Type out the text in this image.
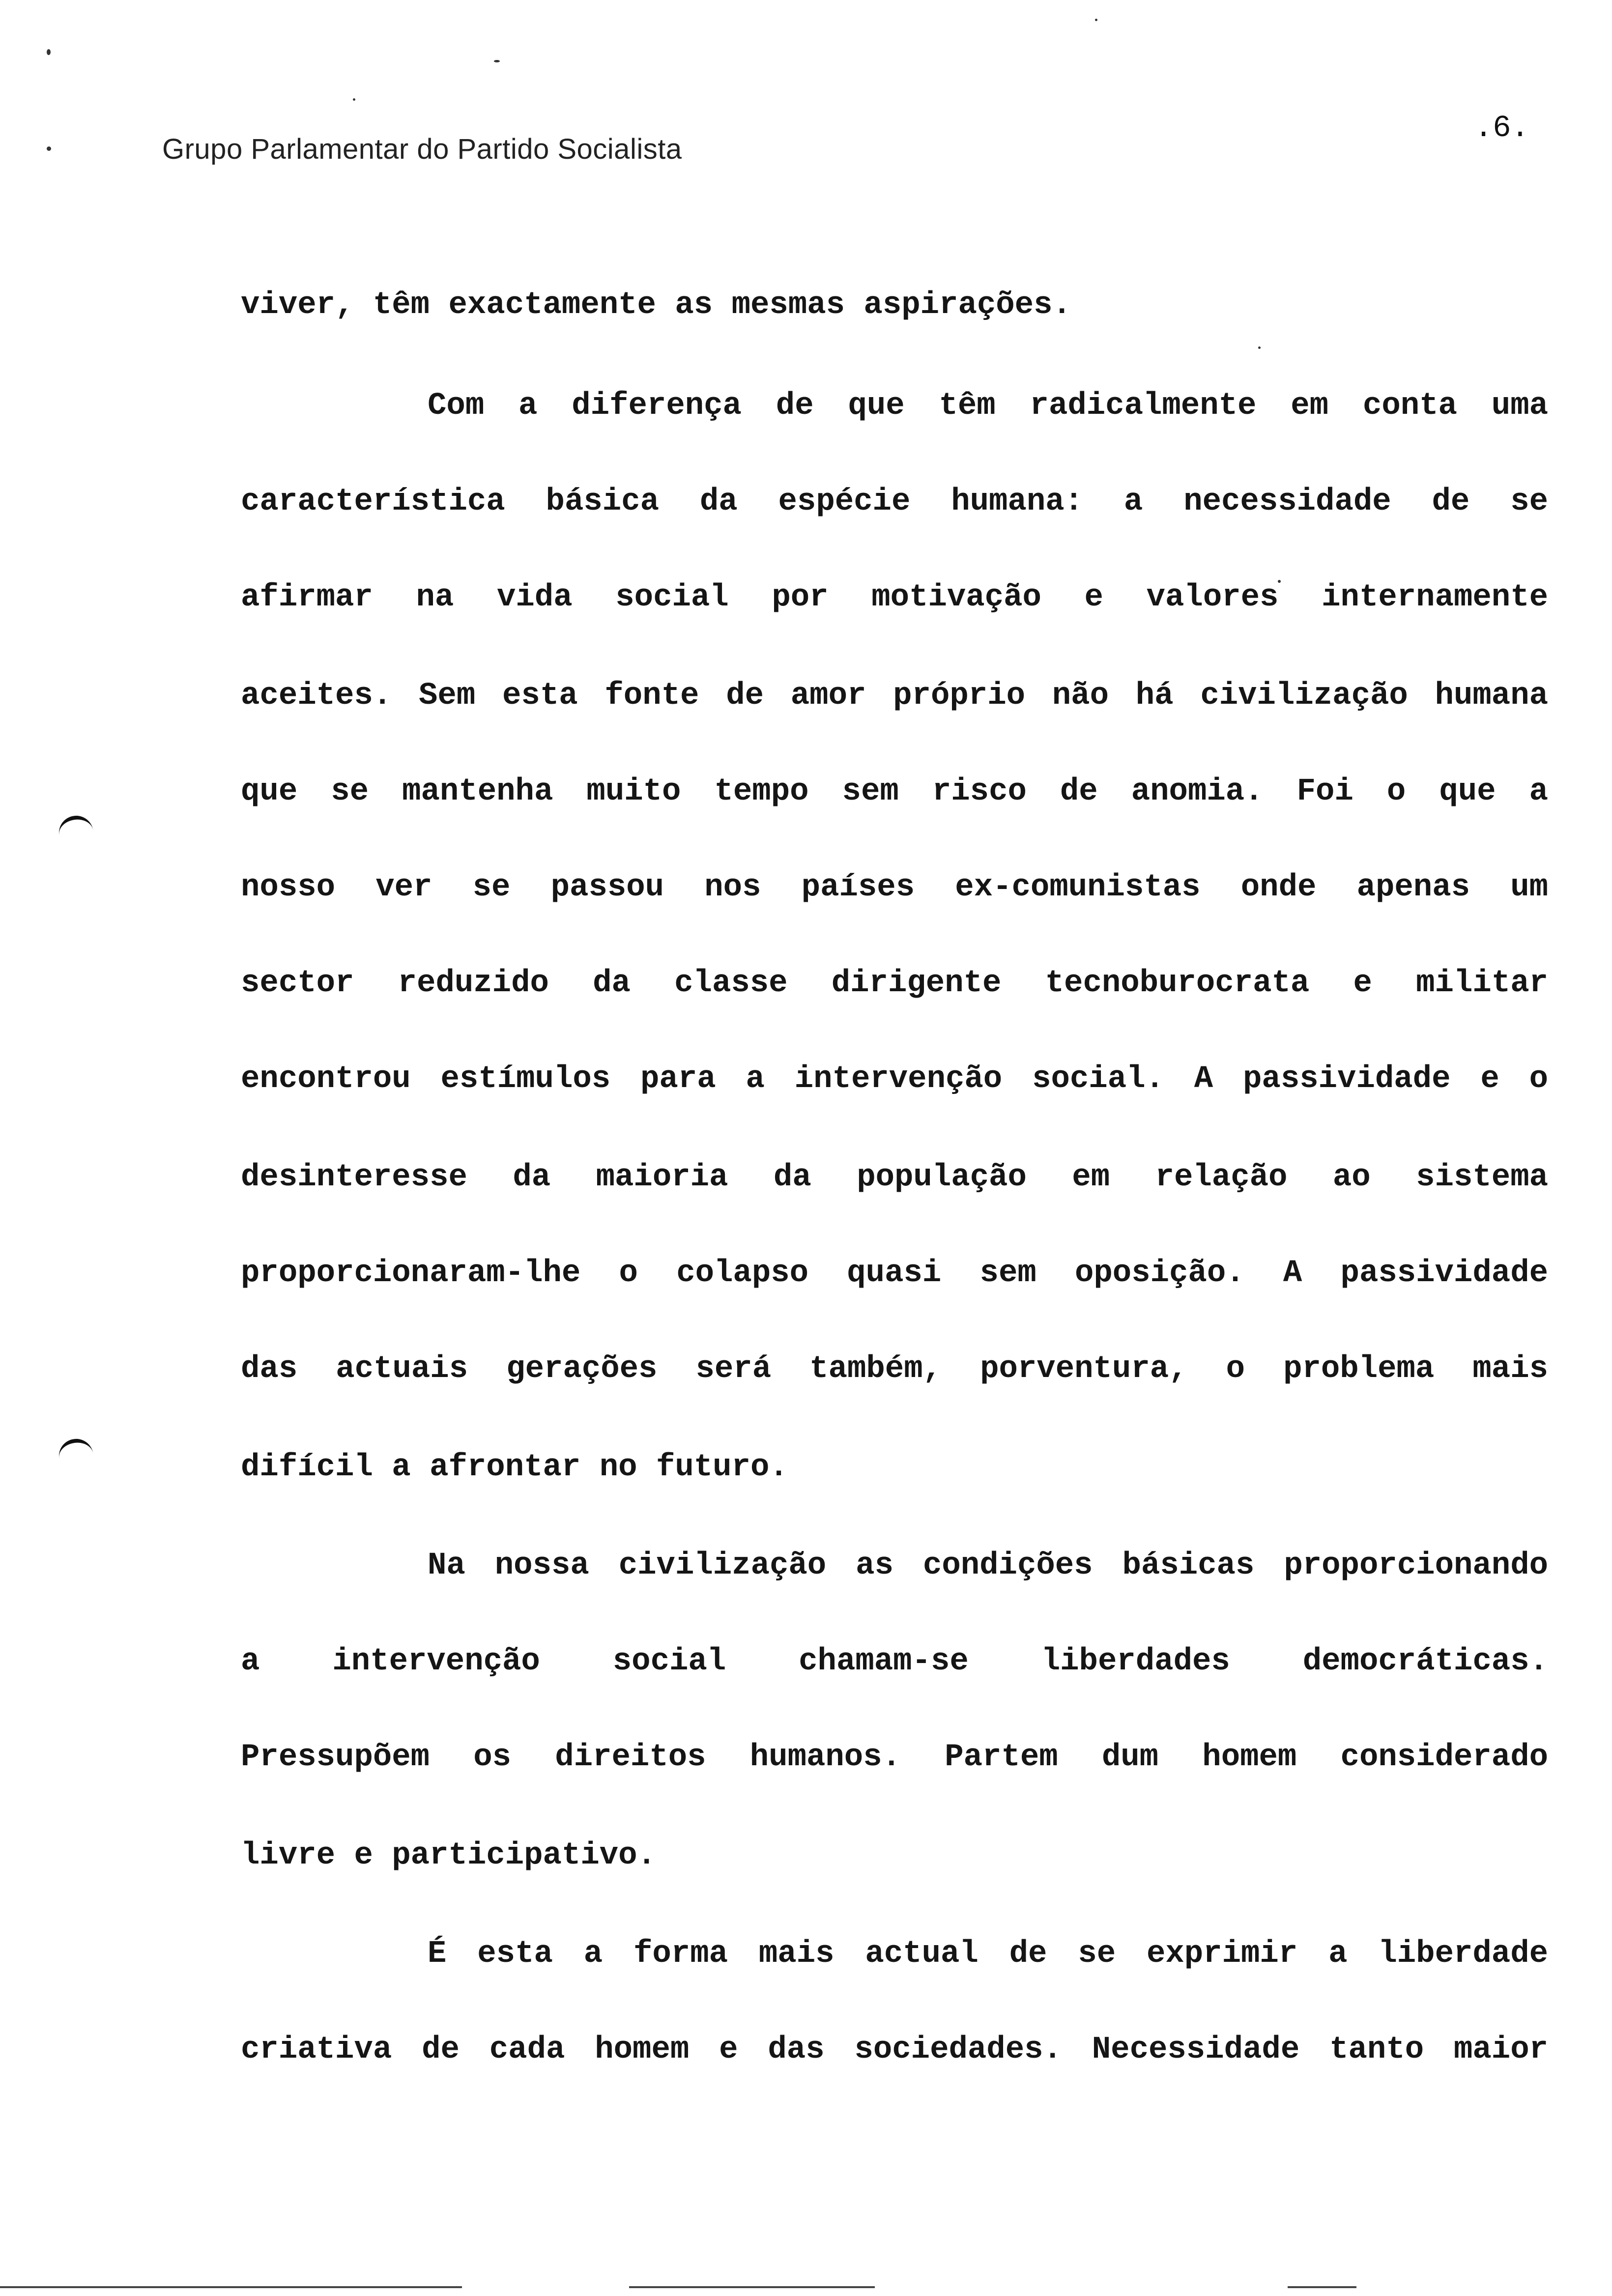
Grupo Parlamentar do Partido Socialista
.6.
viver, têm exactamente as mesmas aspirações.
Com a diferença de que têm radicalmente em conta uma
característica básica da espécie humana: a necessidade de se
afirmar na vida social por motivação e valores internamente
aceites. Sem esta fonte de amor próprio não há civilização humana
que se mantenha muito tempo sem risco de anomia. Foi o que a
nosso ver se passou nos países ex-comunistas onde apenas um
sector reduzido da classe dirigente tecnoburocrata e militar
encontrou estímulos para a intervenção social. A passividade e o
desinteresse da maioria da população em relação ao sistema
proporcionaram-lhe o colapso quasi sem oposição. A passividade
das actuais gerações será também, porventura, o problema mais
difícil a afrontar no futuro.
Na nossa civilização as condições básicas proporcionando
a intervenção social chamam-se liberdades democráticas.
Pressupõem os direitos humanos. Partem dum homem considerado
livre e participativo.
É esta a forma mais actual de se exprimir a liberdade
criativa de cada homem e das sociedades. Necessidade tanto maior
